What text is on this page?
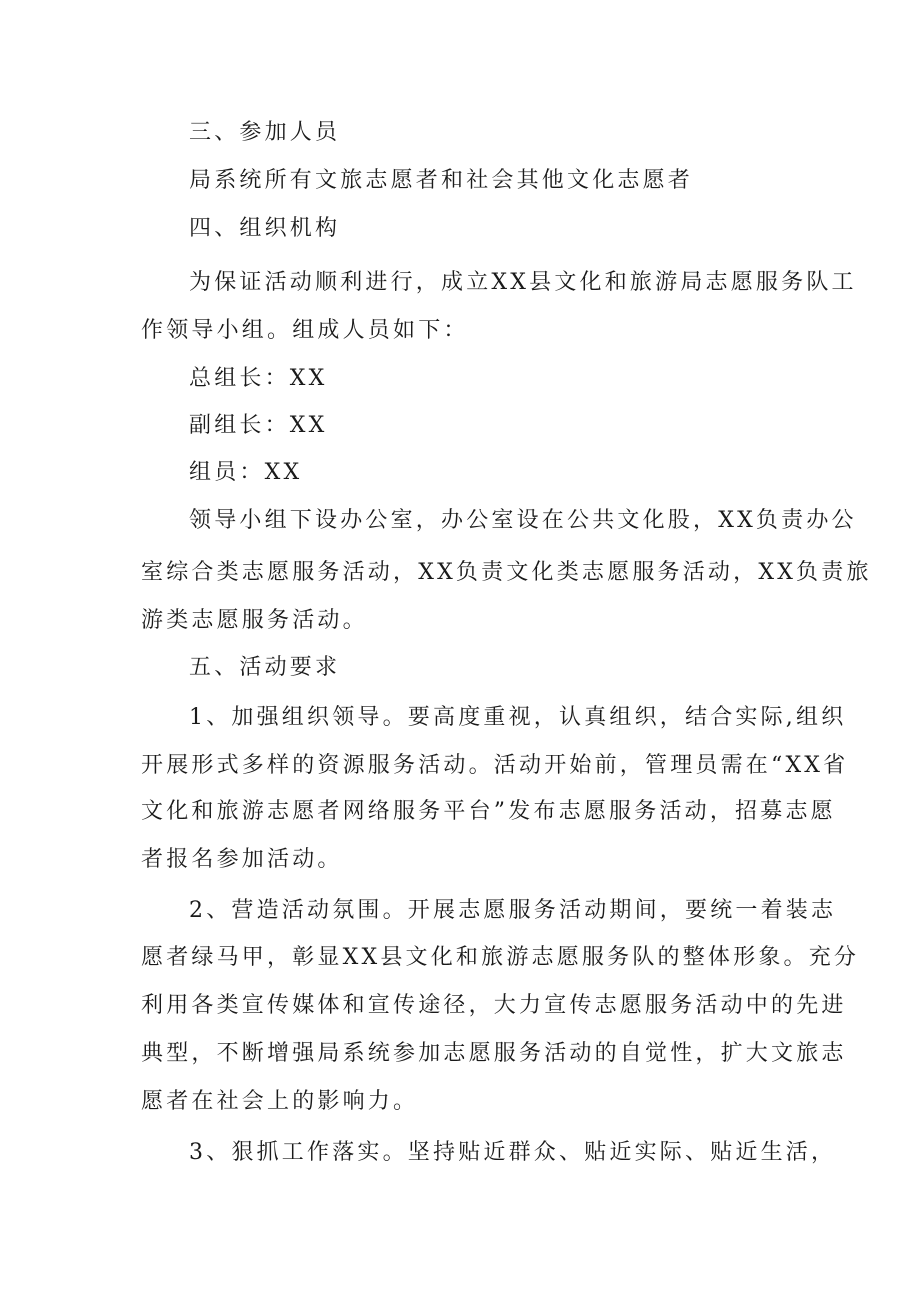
三、参加人员
局系统所有文旅志愿者和社会其他文化志愿者
四、组织机构
为保证活动顺利进行，成立XX县文化和旅游局志愿服务队工
作领导小组。组成人员如下：
总组长：XX
副组长：XX
组员：XX
领导小组下设办公室，办公室设在公共文化股，XX负责办公
室综合类志愿服务活动，XX负责文化类志愿服务活动，XX负责旅
游类志愿服务活动。
五、活动要求
1、加强组织领导。要高度重视，认真组织，结合实际,组织
开展形式多样的资源服务活动。活动开始前，管理员需在“XX省
文化和旅游志愿者网络服务平台”发布志愿服务活动，招募志愿
者报名参加活动。
2、营造活动氛围。开展志愿服务活动期间，要统一着装志
愿者绿马甲，彰显XX县文化和旅游志愿服务队的整体形象。充分
利用各类宣传媒体和宣传途径，大力宣传志愿服务活动中的先进
典型，不断增强局系统参加志愿服务活动的自觉性，扩大文旅志
愿者在社会上的影响力。
3、狠抓工作落实。坚持贴近群众、贴近实际、贴近生活，
